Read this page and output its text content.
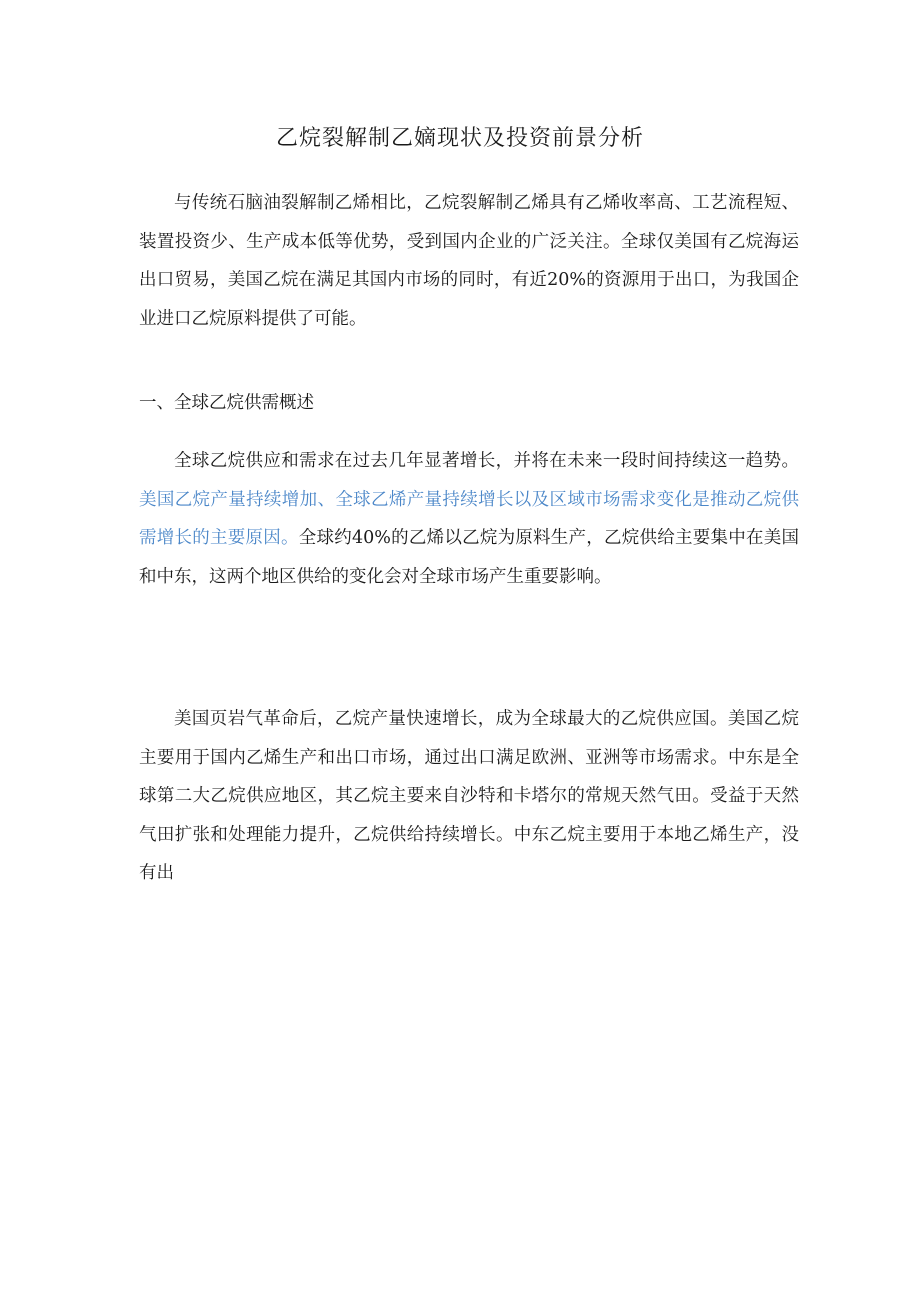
乙烷裂解制乙嫡现状及投资前景分析

与传统石脑油裂解制乙烯相比，乙烷裂解制乙烯具有乙烯收率高、工艺流程短、装置投资少、生产成本低等优势，受到国内企业的广泛关注。全球仅美国有乙烷海运出口贸易，美国乙烷在满足其国内市场的同时，有近20%的资源用于出口，为我国企业进口乙烷原料提供了可能。

一、全球乙烷供需概述

全球乙烷供应和需求在过去几年显著增长，并将在未来一段时间持续这一趋势。美国乙烷产量持续增加、全球乙烯产量持续增长以及区域市场需求变化是推动乙烷供需增长的主要原因。全球约40%的乙烯以乙烷为原料生产，乙烷供给主要集中在美国和中东，这两个地区供给的变化会对全球市场产生重要影响。

美国页岩气革命后，乙烷产量快速增长，成为全球最大的乙烷供应国。美国乙烷主要用于国内乙烯生产和出口市场，通过出口满足欧洲、亚洲等市场需求。中东是全球第二大乙烷供应地区，其乙烷主要来自沙特和卡塔尔的常规天然气田。受益于天然气田扩张和处理能力提升，乙烷供给持续增长。中东乙烷主要用于本地乙烯生产，没有出
